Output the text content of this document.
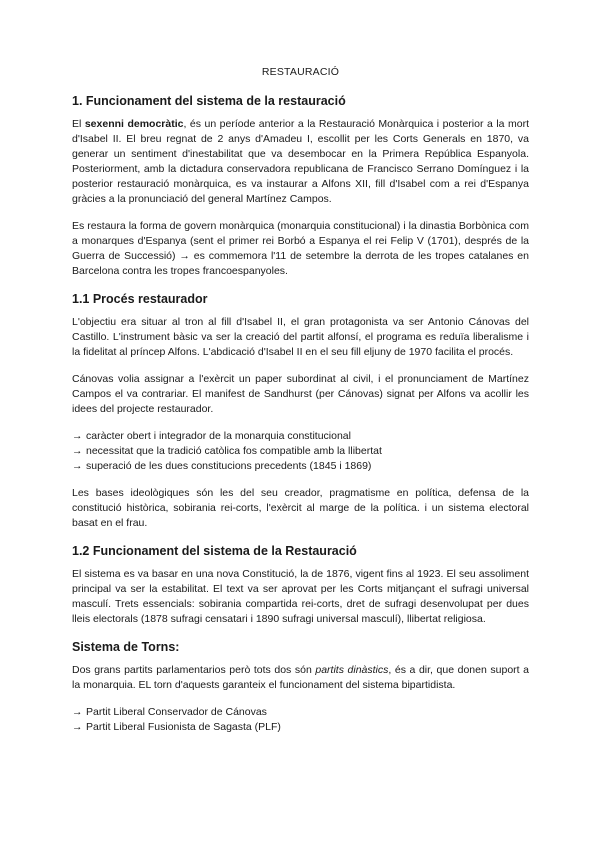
RESTAURACIÓ
1. Funcionament del sistema de la restauració

El sexenni democràtic, és un període anterior a la Restauració Monàrquica i posterior a la mort d'Isabel II. El breu regnat de 2 anys d'Amadeu I, escollit per les Corts Generals en 1870, va generar un sentiment d'inestabilitat que va desembocar en la Primera República Espanyola. Posteriorment, amb la dictadura conservadora republicana de Francisco Serrano Domínguez i la posterior restauració monàrquica, es va instaurar a Alfons XII, fill d'Isabel com a rei d'Espanya gràcies a la pronunciació del general Martínez Campos.

Es restaura la forma de govern monàrquica (monarquia constitucional) i la dinastia Borbònica com a monarques d'Espanya (sent el primer rei Borbó a Espanya el rei Felip V (1701), després de la Guerra de Successió) → es commemora l'11 de setembre la derrota de les tropes catalanes en Barcelona contra les tropes francoespanyoles.

1.1 Procés restaurador

L'objectiu era situar al tron al fill d'Isabel II, el gran protagonista va ser Antonio Cánovas del Castillo. L'instrument bàsic va ser la creació del partit alfonsí, el programa es reduïa liberalisme i la fidelitat al príncep Alfons. L'abdicació d'Isabel II en el seu fill eljuny de 1970 facilita el procés.

Cánovas volia assignar a l'exèrcit un paper subordinat al civil, i el pronunciament de Martínez Campos el va contrariar. El manifest de Sandhurst (per Cánovas) signat per Alfons va acollir les idees del projecte restaurador.

→ caràcter obert i integrador de la monarquia constitucional
→ necessitat que la tradició catòlica fos compatible amb la llibertat
→ superació de les dues constitucions precedents (1845 i 1869)

Les bases ideològiques són les del seu creador, pragmatisme en política, defensa de la constitució històrica, sobirania rei-corts, l'exèrcit al marge de la política. i un sistema electoral basat en el frau.

1.2 Funcionament del sistema de la Restauració

El sistema es va basar en una nova Constitució, la de 1876, vigent fins al 1923. El seu assoliment principal va ser la estabilitat. El text va ser aprovat per les Corts mitjançant el sufragi universal masculí. Trets essencials: sobirania compartida rei-corts, dret de sufragi desenvolupat per dues lleis electorals (1878 sufragi censatari i 1890 sufragi universal masculí), llibertat religiosa.

Sistema de Torns:

Dos grans partits parlamentarios però tots dos són partits dinàstics, és a dir, que donen suport a la monarquia. EL torn d'aquests garanteix el funcionament del sistema bipartidista.

→ Partit Liberal Conservador de Cánovas
→ Partit Liberal Fusionista de Sagasta (PLF)
